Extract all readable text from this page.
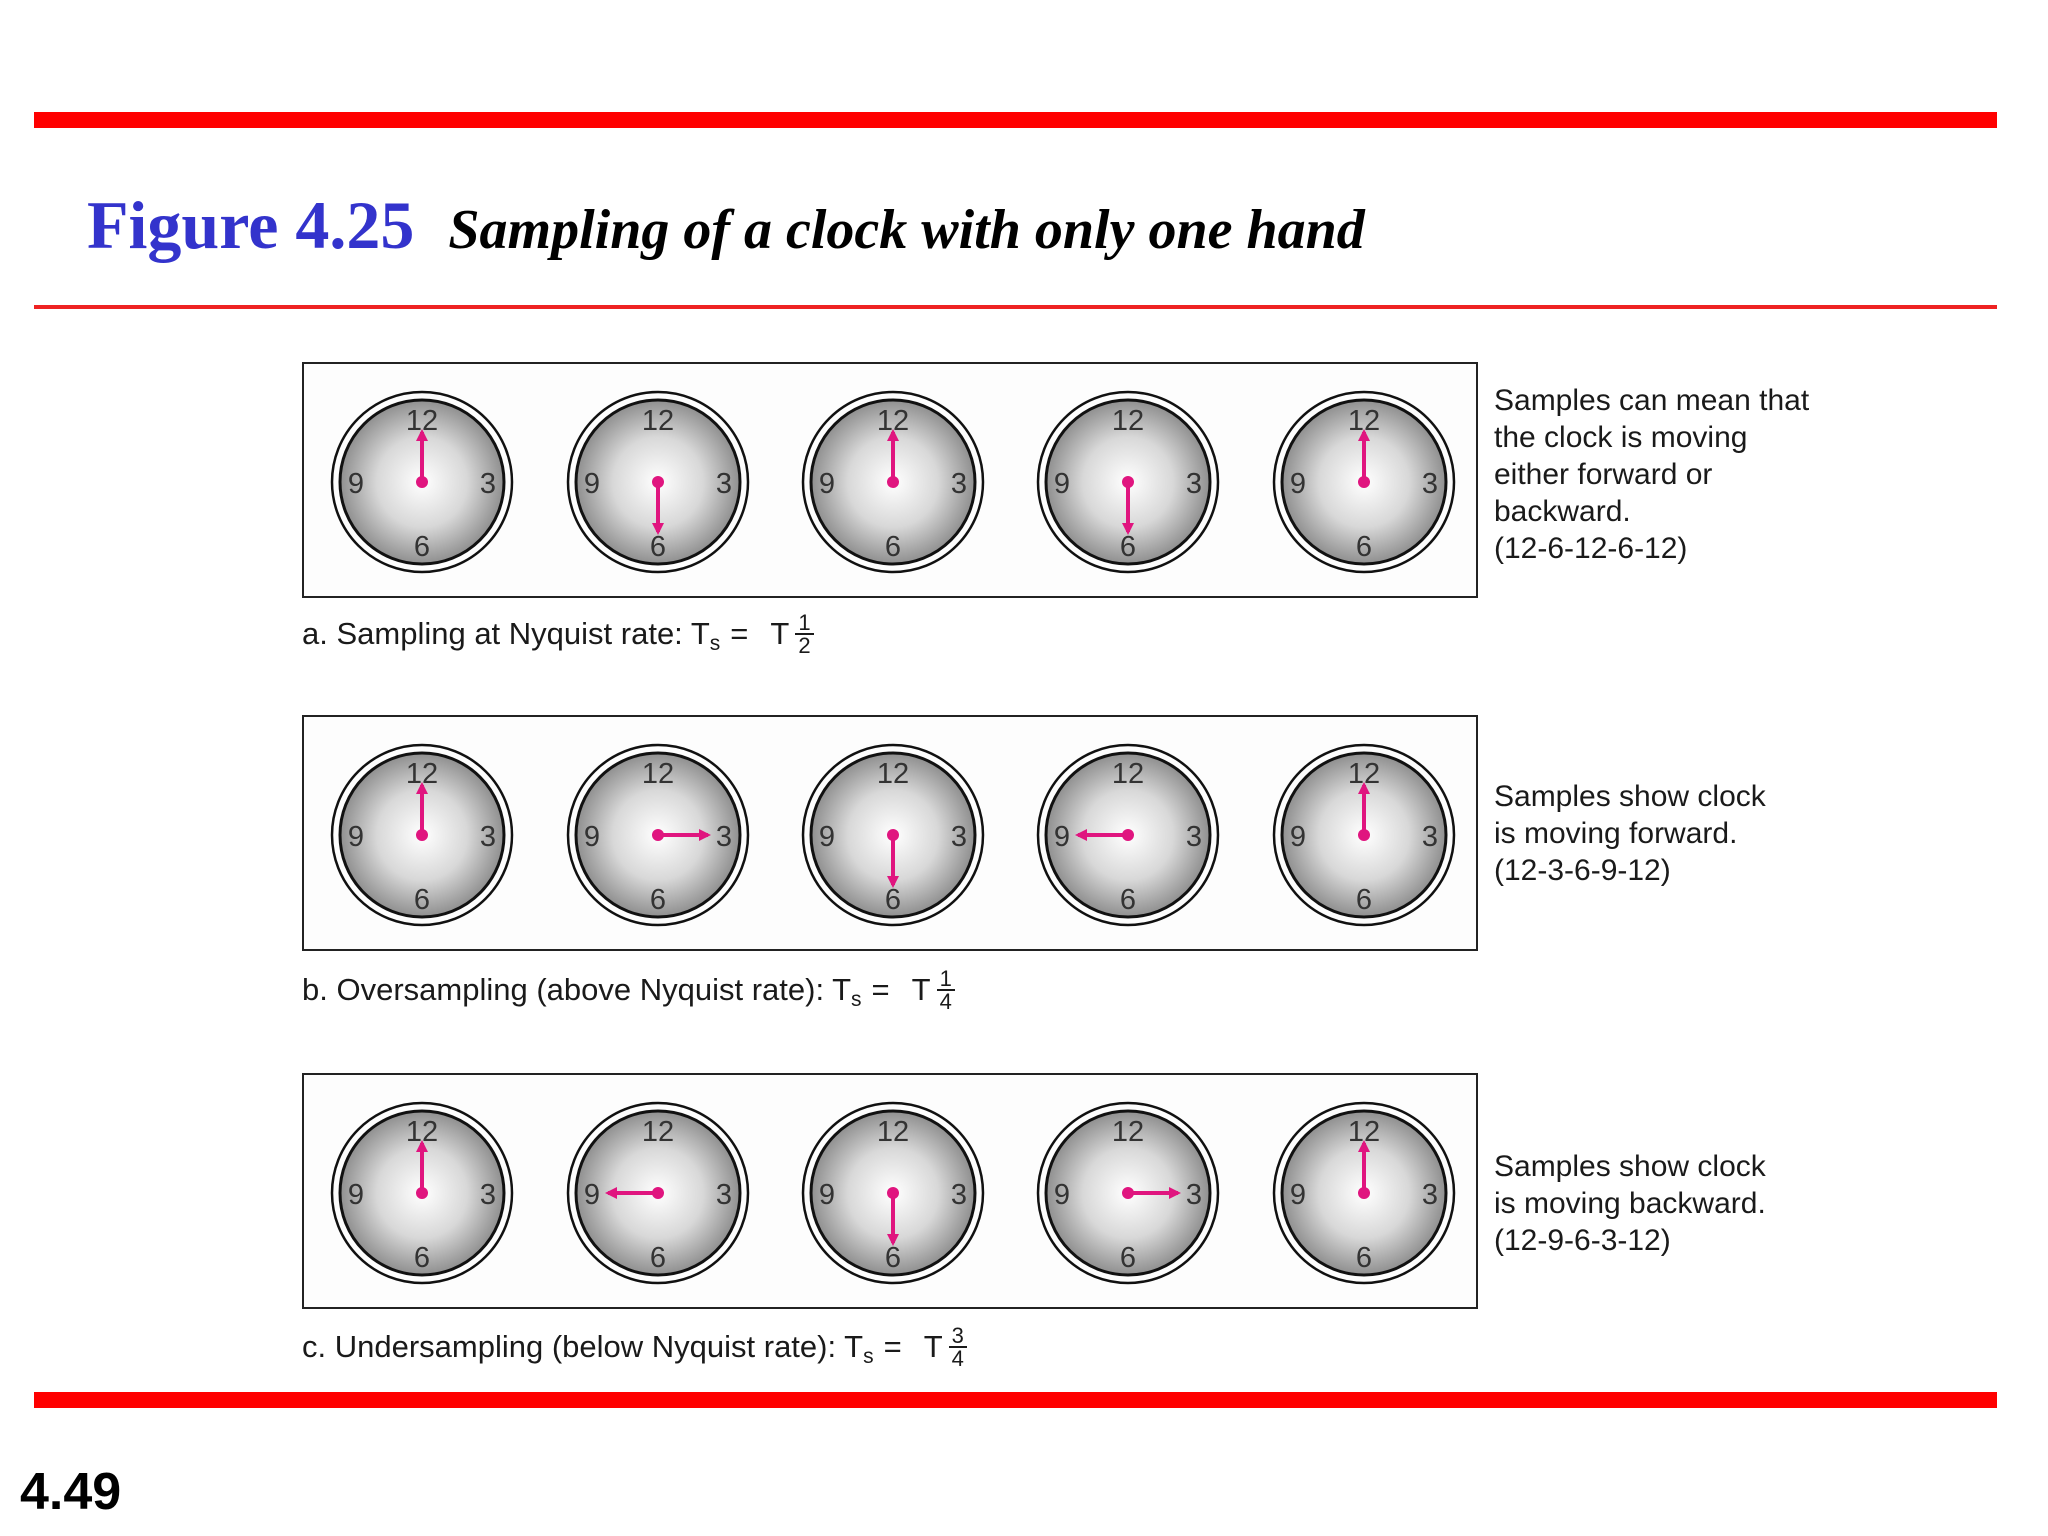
Figure 4.25 Sampling of a clock with only one hand
12
3
6
9
12
3
6
9
12
3
6
9
12
3
6
9
12
3
6
9
a. Sampling at Nyquist rate: T s = T $\frac{1}{2}$
Samples can mean that
the clock is moving
either forward or
backward.
(12-6-12-6-12)
12
3
6
9
12
3
6
9
12
3
6
9
12
3
6
9
12
3
6
9
b. Oversampling (above Nyquist rate): T s = T $\frac{1}{4}$
Samples show clock
is moving forward.
(12-3-6-9-12)
12
3
6
9
12
3
6
9
12
3
6
9
12
3
6
9
12
3
6
9
c. Undersampling (below Nyquist rate): T s = T $\frac{3}{4}$
Samples show clock
is moving backward.
(12-9-6-3-12)
4.49
